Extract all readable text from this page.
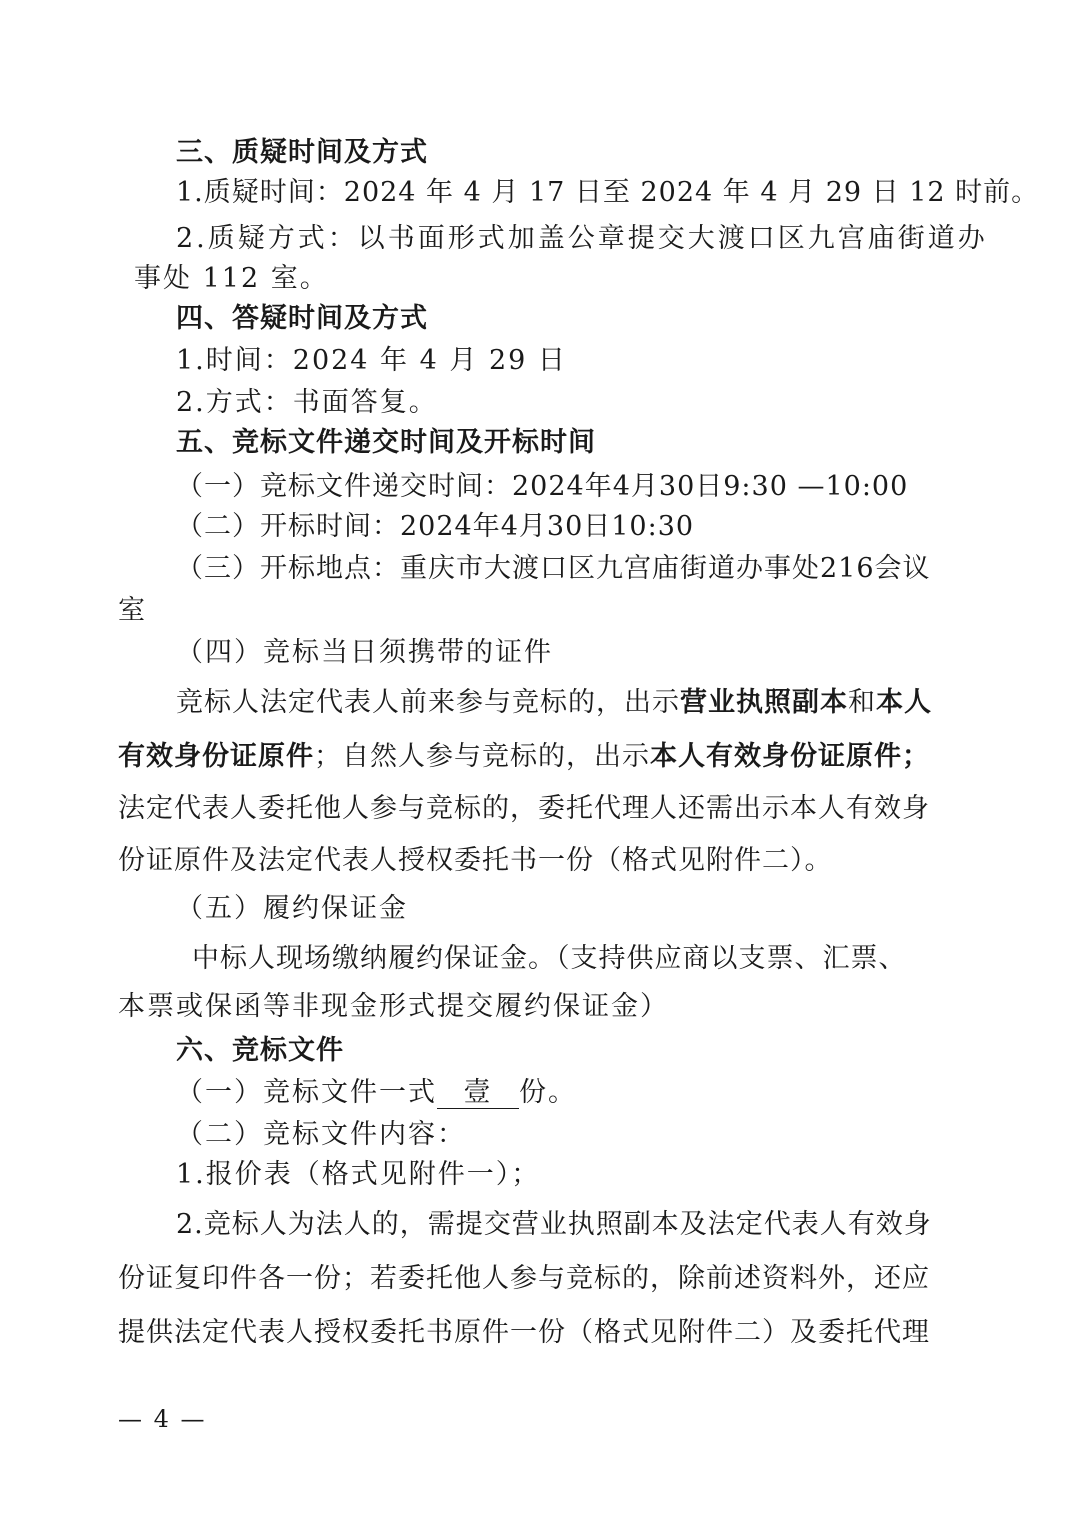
三、质疑时间及方式
1.质疑时间：2024 年 4 月 17 日至 2024 年 4 月 29 日 12 时前。
2.质疑方式：以书面形式加盖公章提交大渡口区九宫庙街道办
事处 112 室。
四、答疑时间及方式
1.时间：2024 年 4 月 29 日
2.方式：书面答复。
五、竞标文件递交时间及开标时间
（一）竞标文件递交时间：2024年4月30日9:30 —10:00
（二）开标时间：2024年4月30日10:30
（三）开标地点：重庆市大渡口区九宫庙街道办事处216会议
室
（四）竞标当日须携带的证件
竞标人法定代表人前来参与竞标的，出示营业执照副本和本人
有效身份证原件；自然人参与竞标的，出示本人有效身份证原件；
法定代表人委托他人参与竞标的，委托代理人还需出示本人有效身
份证原件及法定代表人授权委托书一份（格式见附件二）。
（五）履约保证金
中标人现场缴纳履约保证金。（支持供应商以支票、汇票、
本票或保函等非现金形式提交履约保证金）
六、竞标文件
（一）竞标文件一式 壹 份。
（二）竞标文件内容：
1.报价表（格式见附件一）；
2.竞标人为法人的，需提交营业执照副本及法定代表人有效身
份证复印件各一份；若委托他人参与竞标的，除前述资料外，还应
提供法定代表人授权委托书原件一份（格式见附件二）及委托代理
— 4 —
